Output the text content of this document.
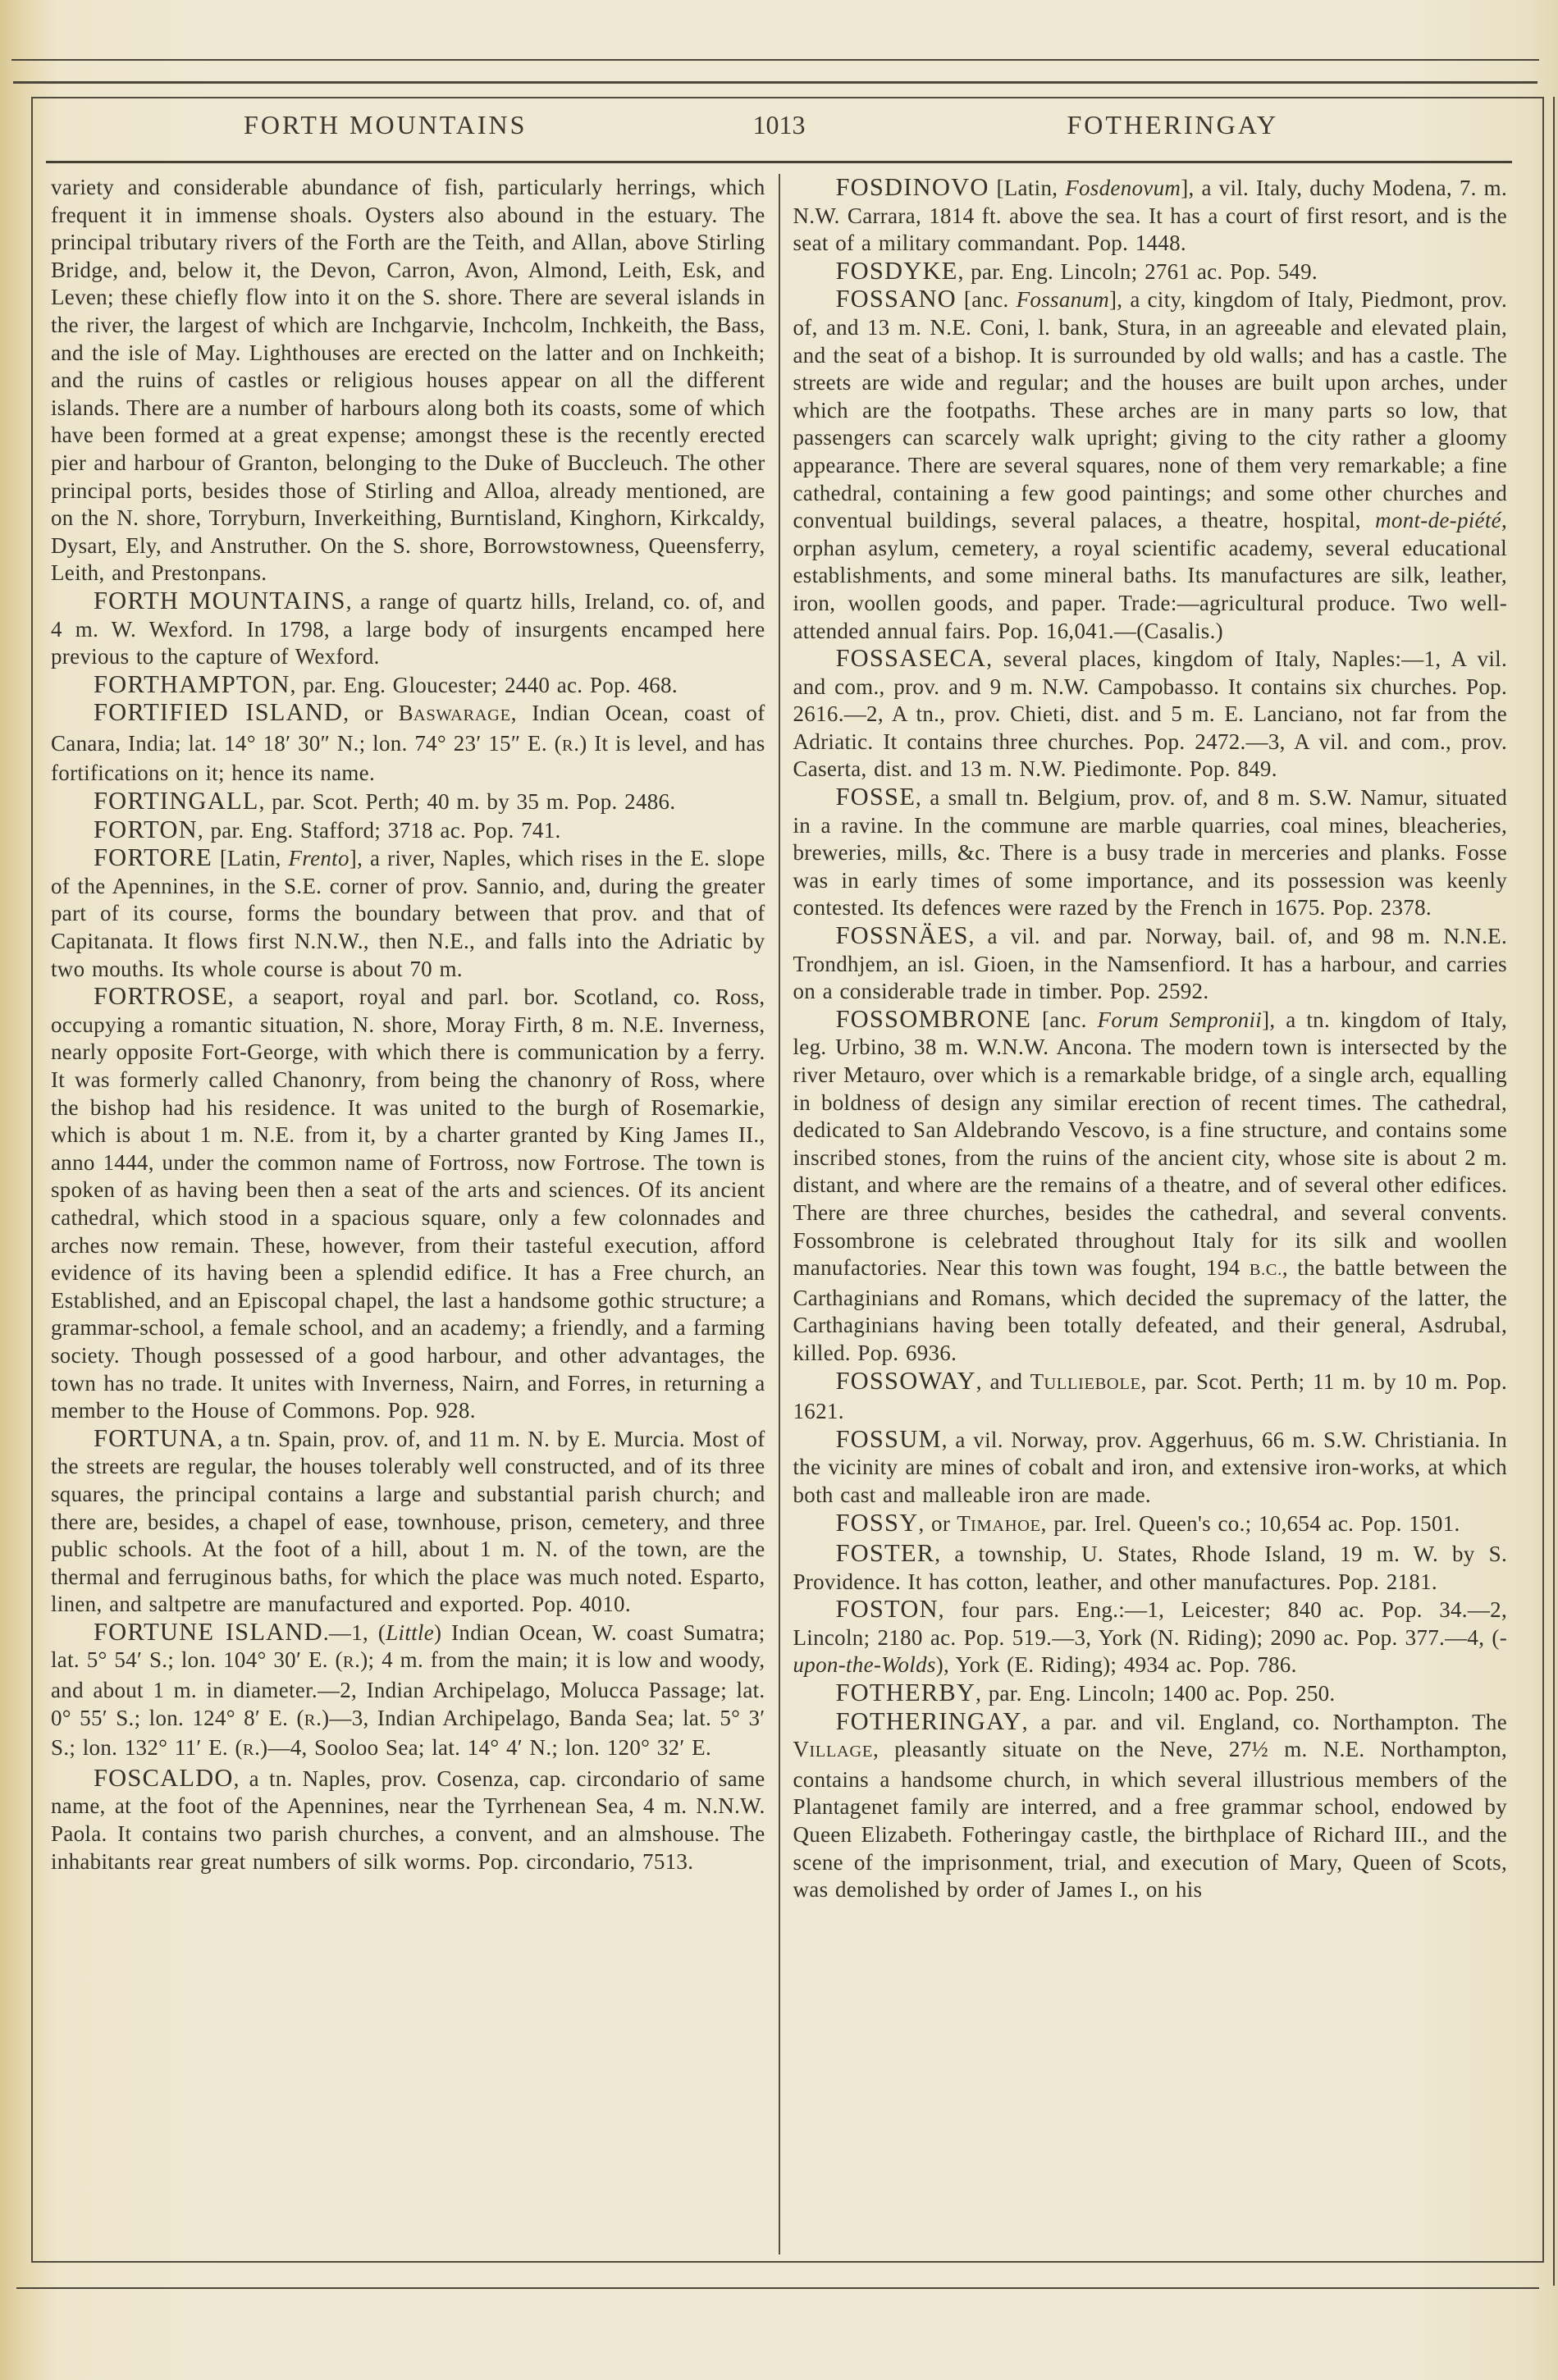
FORTH MOUNTAINS	1013	FOTHERINGAY

variety and considerable abundance of fish, particularly herrings, which frequent it in immense shoals. Oysters also abound in the estuary. The principal tributary rivers of the Forth are the Teith, and Allan, above Stirling Bridge, and, below it, the Devon, Carron, Avon, Almond, Leith, Esk, and Leven; these chiefly flow into it on the S. shore. There are several islands in the river, the largest of which are Inchgarvie, Inchcolm, Inchkeith, the Bass, and the isle of May. Lighthouses are erected on the latter and on Inchkeith; and the ruins of castles or religious houses appear on all the different islands. There are a number of harbours along both its coasts, some of which have been formed at a great expense; amongst these is the recently erected pier and harbour of Granton, belonging to the Duke of Buccleuch. The other principal ports, besides those of Stirling and Alloa, already mentioned, are on the N. shore, Torryburn, Inverkeithing, Burntisland, Kinghorn, Kirkcaldy, Dysart, Ely, and Anstruther. On the S. shore, Borrowstowness, Queensferry, Leith, and Prestonpans.

FORTH MOUNTAINS, a range of quartz hills, Ireland, co. of, and 4 m. W. Wexford. In 1798, a large body of insurgents encamped here previous to the capture of Wexford.

FORTHAMPTON, par. Eng. Gloucester; 2440 ac. Pop. 468.

FORTIFIED ISLAND, or BASWARAGE, Indian Ocean, coast of Canara, India; lat. 14° 18′ 30″ N.; lon. 74° 23′ 15″ E. (R.) It is level, and has fortifications on it; hence its name.

FORTINGALL, par. Scot. Perth; 40 m. by 35 m. Pop. 2486.

FORTON, par. Eng. Stafford; 3718 ac. Pop. 741.

FORTORE [Latin, Frento], a river, Naples, which rises in the E. slope of the Apennines, in the S.E. corner of prov. Sannio, and, during the greater part of its course, forms the boundary between that prov. and that of Capitanata. It flows first N.N.W., then N.E., and falls into the Adriatic by two mouths. Its whole course is about 70 m.

FORTROSE, a seaport, royal and parl. bor. Scotland, co. Ross, occupying a romantic situation, N. shore, Moray Firth, 8 m. N.E. Inverness, nearly opposite Fort-George, with which there is communication by a ferry. It was formerly called Chanonry, from being the chanonry of Ross, where the bishop had his residence. It was united to the burgh of Rosemarkie, which is about 1 m. N.E. from it, by a charter granted by King James II., anno 1444, under the common name of Fortross, now Fortrose. The town is spoken of as having been then a seat of the arts and sciences. Of its ancient cathedral, which stood in a spacious square, only a few colonnades and arches now remain. These, however, from their tasteful execution, afford evidence of its having been a splendid edifice. It has a Free church, an Established, and an Episcopal chapel, the last a handsome gothic structure; a grammar-school, a female school, and an academy; a friendly, and a farming society. Though possessed of a good harbour, and other advantages, the town has no trade. It unites with Inverness, Nairn, and Forres, in returning a member to the House of Commons. Pop. 928.

FORTUNA, a tn. Spain, prov. of, and 11 m. N. by E. Murcia. Most of the streets are regular, the houses tolerably well constructed, and of its three squares, the principal contains a large and substantial parish church; and there are, besides, a chapel of ease, townhouse, prison, cemetery, and three public schools. At the foot of a hill, about 1 m. N. of the town, are the thermal and ferruginous baths, for which the place was much noted. Esparto, linen, and saltpetre are manufactured and exported. Pop. 4010.

FORTUNE ISLAND.—1, (Little) Indian Ocean, W. coast Sumatra; lat. 5° 54′ S.; lon. 104° 30′ E. (R.); 4 m. from the main; it is low and woody, and about 1 m. in diameter.—2, Indian Archipelago, Molucca Passage; lat. 0° 55′ S.; lon. 124° 8′ E. (R.)—3, Indian Archipelago, Banda Sea; lat. 5° 3′ S.; lon. 132° 11′ E. (R.)—4, Sooloo Sea; lat. 14° 4′ N.; lon. 120° 32′ E.

FOSCALDO, a tn. Naples, prov. Cosenza, cap. circondario of same name, at the foot of the Apennines, near the Tyrrhenean Sea, 4 m. N.N.W. Paola. It contains two parish churches, a convent, and an almshouse. The inhabitants rear great numbers of silk worms. Pop. circondario, 7513.

FOSDINOVO [Latin, Fosdenovum], a vil. Italy, duchy Modena, 7. m. N.W. Carrara, 1814 ft. above the sea. It has a court of first resort, and is the seat of a military commandant. Pop. 1448.

FOSDYKE, par. Eng. Lincoln; 2761 ac. Pop. 549.

FOSSANO [anc. Fossanum], a city, kingdom of Italy, Piedmont, prov. of, and 13 m. N.E. Coni, l. bank, Stura, in an agreeable and elevated plain, and the seat of a bishop. It is surrounded by old walls; and has a castle. The streets are wide and regular; and the houses are built upon arches, under which are the footpaths. These arches are in many parts so low, that passengers can scarcely walk upright; giving to the city rather a gloomy appearance. There are several squares, none of them very remarkable; a fine cathedral, containing a few good paintings; and some other churches and conventual buildings, several palaces, a theatre, hospital, mont-de-piété, orphan asylum, cemetery, a royal scientific academy, several educational establishments, and some mineral baths. Its manufactures are silk, leather, iron, woollen goods, and paper. Trade:—agricultural produce. Two well-attended annual fairs. Pop. 16,041.—(Casalis.)

FOSSASECA, several places, kingdom of Italy, Naples:—1, A vil. and com., prov. and 9 m. N.W. Campobasso. It contains six churches. Pop. 2616.—2, A tn., prov. Chieti, dist. and 5 m. E. Lanciano, not far from the Adriatic. It contains three churches. Pop. 2472.—3, A vil. and com., prov. Caserta, dist. and 13 m. N.W. Piedimonte. Pop. 849.

FOSSE, a small tn. Belgium, prov. of, and 8 m. S.W. Namur, situated in a ravine. In the commune are marble quarries, coal mines, bleacheries, breweries, mills, &c. There is a busy trade in merceries and planks. Fosse was in early times of some importance, and its possession was keenly contested. Its defences were razed by the French in 1675. Pop. 2378.

FOSSNÄES, a vil. and par. Norway, bail. of, and 98 m. N.N.E. Trondhjem, an isl. Gioen, in the Namsenfiord. It has a harbour, and carries on a considerable trade in timber. Pop. 2592.

FOSSOMBRONE [anc. Forum Sempronii], a tn. kingdom of Italy, leg. Urbino, 38 m. W.N.W. Ancona. The modern town is intersected by the river Metauro, over which is a remarkable bridge, of a single arch, equalling in boldness of design any similar erection of recent times. The cathedral, dedicated to San Aldebrando Vescovo, is a fine structure, and contains some inscribed stones, from the ruins of the ancient city, whose site is about 2 m. distant, and where are the remains of a theatre, and of several other edifices. There are three churches, besides the cathedral, and several convents. Fossombrone is celebrated throughout Italy for its silk and woollen manufactories. Near this town was fought, 194 B.C., the battle between the Carthaginians and Romans, which decided the supremacy of the latter, the Carthaginians having been totally defeated, and their general, Asdrubal, killed. Pop. 6936.

FOSSOWAY, and TULLIEBOLE, par. Scot. Perth; 11 m. by 10 m. Pop. 1621.

FOSSUM, a vil. Norway, prov. Aggerhuus, 66 m. S.W. Christiania. In the vicinity are mines of cobalt and iron, and extensive iron-works, at which both cast and malleable iron are made.

FOSSY, or TIMAHOE, par. Irel. Queen's co.; 10,654 ac. Pop. 1501.

FOSTER, a township, U. States, Rhode Island, 19 m. W. by S. Providence. It has cotton, leather, and other manufactures. Pop. 2181.

FOSTON, four pars. Eng.:—1, Leicester; 840 ac. Pop. 34.—2, Lincoln; 2180 ac. Pop. 519.—3, York (N. Riding); 2090 ac. Pop. 377.—4, (-upon-the-Wolds), York (E. Riding); 4934 ac. Pop. 786.

FOTHERBY, par. Eng. Lincoln; 1400 ac. Pop. 250.

FOTHERINGAY, a par. and vil. England, co. Northampton. The VILLAGE, pleasantly situate on the Neve, 27½ m. N.E. Northampton, contains a handsome church, in which several illustrious members of the Plantagenet family are interred, and a free grammar school, endowed by Queen Elizabeth. Fotheringay castle, the birthplace of Richard III., and the scene of the imprisonment, trial, and execution of Mary, Queen of Scots, was demolished by order of James I., on his
